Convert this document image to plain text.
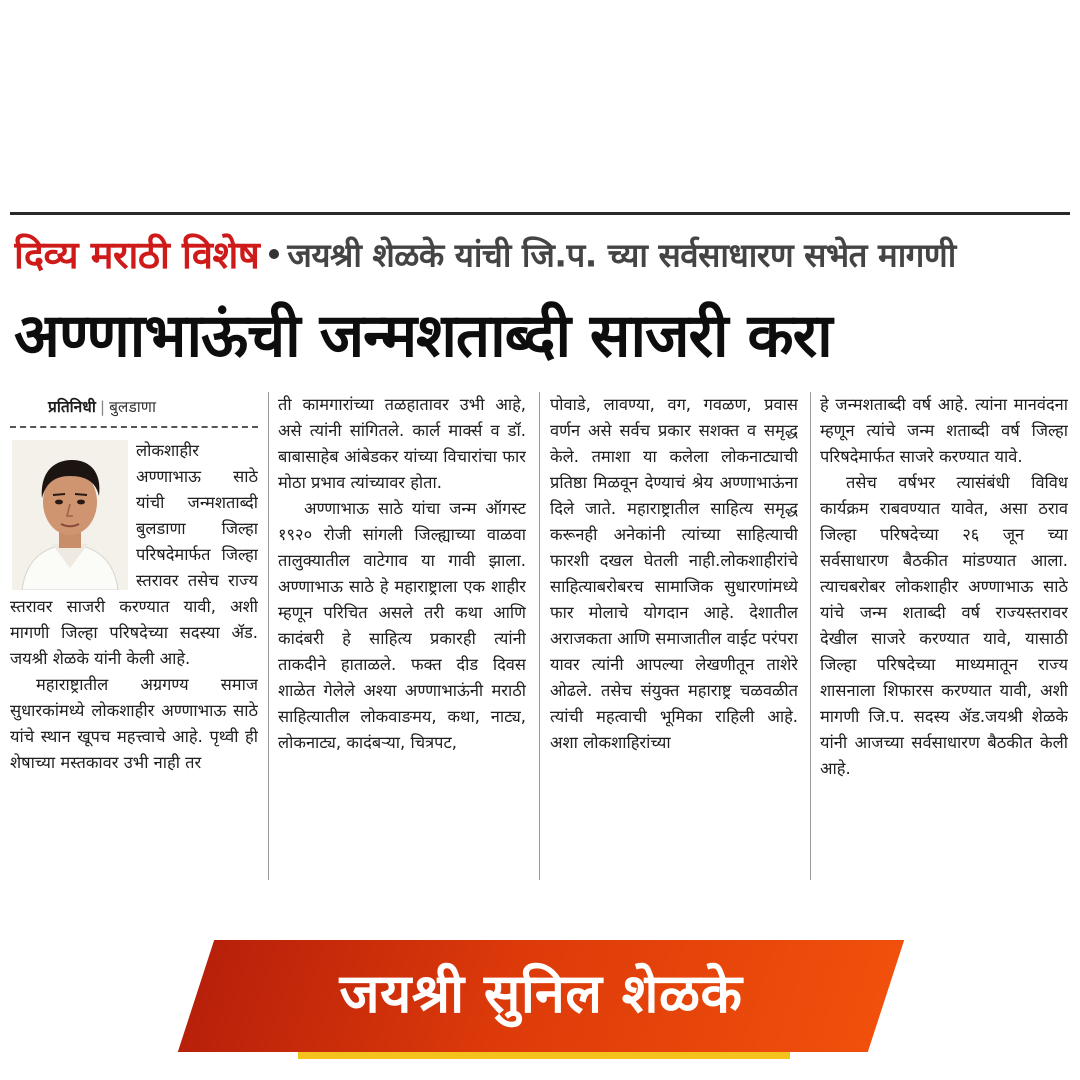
दिव्य मराठी विशेष जयश्री शेळके यांची जि.प. च्या सर्वसाधारण सभेत मागणी
अण्णाभाऊंची जन्मशताब्दी साजरी करा
प्रतिनिधी | बुलडाणा

लोकशाहीर अण्णाभाऊ साठे यांची जन्मशताब्दी बुलडाणा जिल्हा परिषदेमार्फत जिल्हा स्तरावर तसेच राज्य स्तरावर साजरी करण्यात यावी, अशी मागणी जिल्हा परिषदेच्या सदस्या ॲड. जयश्री शेळके यांनी केली आहे.

महाराष्ट्रातील अग्रगण्य समाज सुधारकांमध्ये लोकशाहीर अण्णाभाऊ साठे यांचे स्थान खूपच महत्त्वाचे आहे. पृथ्वी ही शेषाच्या मस्तकावर उभी नाही तर

ती कामगारांच्या तळहातावर उभी आहे, असे त्यांनी सांगितले. कार्ल मार्क्स व डॉ. बाबासाहेब आंबेडकर यांच्या विचारांचा फार मोठा प्रभाव त्यांच्यावर होता.

अण्णाभाऊ साठे यांचा जन्म ऑगस्ट १९२० रोजी सांगली जिल्ह्याच्या वाळवा तालुक्यातील वाटेगाव या गावी झाला. अण्णाभाऊ साठे हे महाराष्ट्राला एक शाहीर म्हणून परिचित असले तरी कथा आणि कादंबरी हे साहित्य प्रकारही त्यांनी ताकदीने हाताळले. फक्त दीड दिवस शाळेत गेलेले अश्या अण्णाभाऊंनी मराठी साहित्यातील लोकवाङमय, कथा, नाट्य, लोकनाट्य, कादंबऱ्या, चित्रपट,

पोवाडे, लावण्या, वग, गवळण, प्रवास वर्णन असे सर्वच प्रकार सशक्त व समृद्ध केले. तमाशा या कलेला लोकनाट्याची प्रतिष्ठा मिळवून देण्याचं श्रेय अण्णाभाऊंना दिले जाते. महाराष्ट्रातील साहित्य समृद्ध करूनही अनेकांनी त्यांच्या साहित्याची फारशी दखल घेतली नाही.लोकशाहीरांचे साहित्याबरोबरच सामाजिक सुधारणांमध्ये फार मोलाचे योगदान आहे. देशातील अराजकता आणि समाजातील वाईट परंपरा यावर त्यांनी आपल्या लेखणीतून ताशेरे ओढले. तसेच संयुक्त महाराष्ट्र चळवळीत त्यांची महत्वाची भूमिका राहिली आहे. अशा लोकशाहिरांच्या

हे जन्मशताब्दी वर्ष आहे. त्यांना मानवंदना म्हणून त्यांचे जन्म शताब्दी वर्ष जिल्हा परिषदेमार्फत साजरे करण्यात यावे.

तसेच वर्षभर त्यासंबंधी विविध कार्यक्रम राबवण्यात यावेत, असा ठराव जिल्हा परिषदेच्या २६ जून च्या सर्वसाधारण बैठकीत मांडण्यात आला. त्याचबरोबर लोकशाहीर अण्णाभाऊ साठे यांचे जन्म शताब्दी वर्ष राज्यस्तरावर देखील साजरे करण्यात यावे, यासाठी जिल्हा परिषदेच्या माध्यमातून राज्य शासनाला शिफारस करण्यात यावी, अशी मागणी जि.प. सदस्य ॲड.जयश्री शेळके यांनी आजच्या सर्वसाधारण बैठकीत केली आहे.

जयश्री सुनिल शेळके
